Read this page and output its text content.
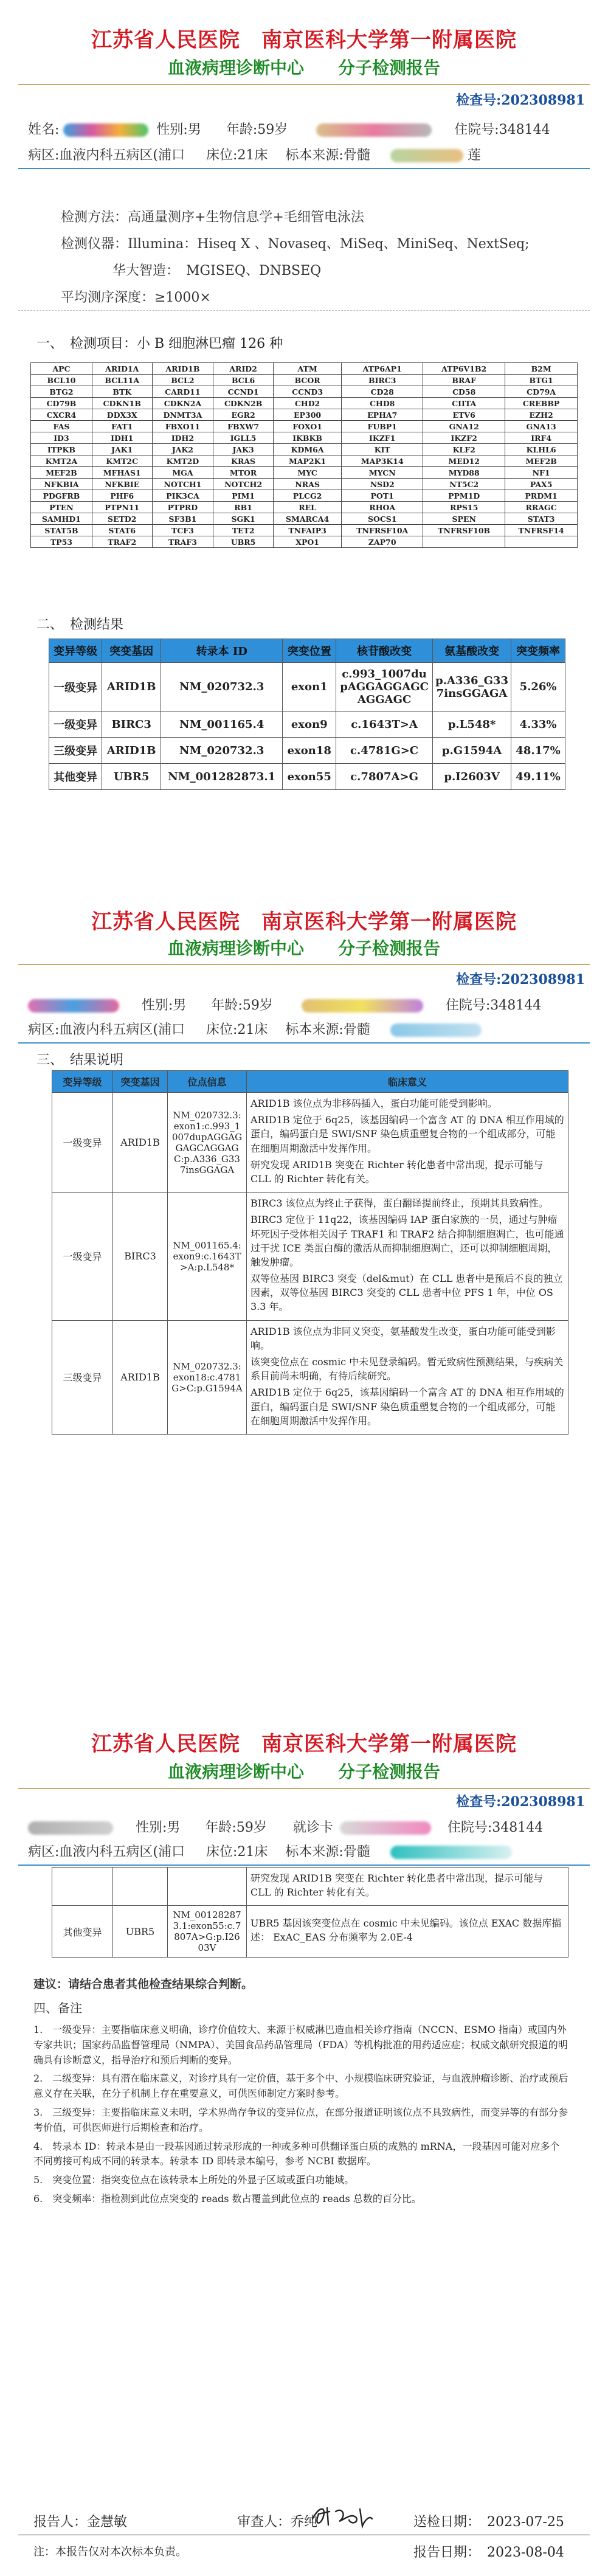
江苏省人民医院　南京医科大学第一附属医院
血液病理诊断中心　　分子检测报告
检查号:202308981
姓名:	性别:男 年龄:59岁	住院号:348144
病区:血液内科五病区(浦口 床位:21床 标本来源:骨髓	莲
检测方法：高通量测序+生物信息学+毛细管电泳法
检测仪器：Illumina：Hiseq X 、Novaseq、MiSeq、MiniSeq、NextSeq;
华大智造：　MGISEQ、DNBSEQ
平均测序深度：≥1000×
一、　检测项目：小 B 细胞淋巴瘤 126 种
APC	ARID1A	ARID1B	ARID2	ATM	ATP6AP1	ATP6V1B2	B2M
BCL10	BCL11A	BCL2	BCL6	BCOR	BIRC3	BRAF	BTG1
BTG2	BTK	CARD11	CCND1	CCND3	CD28	CD58	CD79A
CD79B	CDKN1B	CDKN2A	CDKN2B	CHD2	CHD8	CIITA	CREBBP
CXCR4	DDX3X	DNMT3A	EGR2	EP300	EPHA7	ETV6	EZH2
FAS	FAT1	FBXO11	FBXW7	FOXO1	FUBP1	GNA12	GNA13
ID3	IDH1	IDH2	IGLL5	IKBKB	IKZF1	IKZF2	IRF4
ITPKB	JAK1	JAK2	JAK3	KDM6A	KIT	KLF2	KLHL6
KMT2A	KMT2C	KMT2D	KRAS	MAP2K1	MAP3K14	MED12	MEF2B
MEF2B	MFHAS1	MGA	MTOR	MYC	MYCN	MYD88	NF1
NFKBIA	NFKBIE	NOTCH1	NOTCH2	NRAS	NSD2	NT5C2	PAX5
PDGFRB	PHF6	PIK3CA	PIM1	PLCG2	POT1	PPM1D	PRDM1
PTEN	PTPN11	PTPRD	RB1	REL	RHOA	RPS15	RRAGC
SAMHD1	SETD2	SF3B1	SGK1	SMARCA4	SOCS1	SPEN	STAT3
STAT5B	STAT6	TCF3	TET2	TNFAIP3	TNFRSF10A	TNFRSF10B	TNFRSF14
TP53	TRAF2	TRAF3	UBR5	XPO1	ZAP70		
二、　检测结果
变异等级	突变基因	转录本 ID	突变位置	核苷酸改变	氨基酸改变	突变频率
一级变异	ARID1B	NM_020732.3	exon1	c.993_1007dupAGGAGGAGCAGGAGC	p.A336_G337insGGAGA	5.26%
一级变异	BIRC3	NM_001165.4	exon9	c.1643T>A	p.L548*	4.33%
三级变异	ARID1B	NM_020732.3	exon18	c.4781G>C	p.G1594A	48.17%
其他变异	UBR5	NM_001282873.1	exon55	c.7807A>G	p.I2603V	49.11%
江苏省人民医院　南京医科大学第一附属医院
血液病理诊断中心　　分子检测报告
检查号:202308981
性别:男 年龄:59岁	住院号:348144
病区:血液内科五病区(浦口 床位:21床 标本来源:骨髓
三、　结果说明
变异等级	突变基因	位点信息	临床意义
一级变异	ARID1B	NM_020732.3:exon1:c.993_1007dupAGGAGGAGCAGGAGC:p.A336_G337insGGAGA	ARID1B 该位点为非移码插入，蛋白功能可能受到影响。

ARID1B 定位于 6q25，该基因编码一个富含 AT 的 DNA 相互作用域的蛋白，编码蛋白是 SWI/SNF 染色质重塑复合物的一个组成部分，可能在细胞周期激活中发挥作用。

研究发现 ARID1B 突变在 Richter 转化患者中常出现，提示可能与 CLL 的 Richter 转化有关。

一级变异	BIRC3	NM_001165.4:exon9:c.1643T>A:p.L548*	BIRC3 该位点为终止子获得，蛋白翻译提前终止，预期其具致病性。

BIRC3 定位于 11q22，该基因编码 IAP 蛋白家族的一员，通过与肿瘤坏死因子受体相关因子 TRAF1 和 TRAF2 结合抑制细胞凋亡，也可能通过干扰 ICE 类蛋白酶的激活从而抑制细胞凋亡，还可以抑制细胞周期，触发肿瘤。

双等位基因 BIRC3 突变（del&mut）在 CLL 患者中是预后不良的独立因素，双等位基因 BIRC3 突变的 CLL 患者中位 PFS 1 年，中位 OS 3.3 年。

三级变异	ARID1B	NM_020732.3:exon18:c.4781G>C:p.G1594A	ARID1B 该位点为非同义突变，氨基酸发生改变，蛋白功能可能受到影响。

该突变位点在 cosmic 中未见登录编码。暂无致病性预测结果，与疾病关系目前尚未明确，有待后续研究。

ARID1B 定位于 6q25，该基因编码一个富含 AT 的 DNA 相互作用域的蛋白，编码蛋白是 SWI/SNF 染色质重塑复合物的一个组成部分，可能在细胞周期激活中发挥作用。

江苏省人民医院　南京医科大学第一附属医院
血液病理诊断中心　　分子检测报告
检查号:202308981
性别:男 年龄:59岁 就诊卡	住院号:348144
病区:血液内科五病区(浦口 床位:21床 标本来源:骨髓

			研究发现 ARID1B 突变在 Richter 转化患者中常出现，提示可能与 CLL 的 Richter 转化有关。

其他变异	UBR5	NM_001282873.1:exon55:c.7807A>G:p.I2603V	UBR5 基因该突变位点在 cosmic 中未见编码。该位点 EXAC 数据库描述： ExAC_EAS 分布频率为 2.0E-4

建议：请结合患者其他检查结果综合判断。
四、备注

1.　一级变异：主要指临床意义明确，诊疗价值较大、来源于权威淋巴造血相关诊疗指南（NCCN、ESMO 指南）或国内外专家共识；国家药品监督管理局（NMPA）、美国食品药品管理局（FDA）等机构批准的用药适应症；权威文献研究报道的明确具有诊断意义，指导治疗和预后判断的变异。

2.　二级变异：具有潜在临床意义，对诊疗具有一定价值，基于多个中、小规模临床研究验证，与血液肿瘤诊断、治疗或预后意义存在关联，在分子机制上存在重要意义，可供医师制定方案时参考。

3.　三级变异：主要指临床意义未明，学术界尚存争议的变异位点，在部分报道证明该位点不具致病性，而变异等的有部分参考价值，可供医师进行后期检查和治疗。

4.　转录本 ID：转录本是由一段基因通过转录形成的一种或多种可供翻译蛋白质的成熟的 mRNA，一段基因可能对应多个不同剪接可构成不同的转录本。转录本 ID 即转录本编号，参考 NCBI 数据库。

5.　突变位置：指突变位点在该转录本上所处的外显子区域或蛋白功能域。

6.　突变频率：指检测到此位点突变的 reads 数占覆盖到此位点的 reads 总数的百分比。

报告人：金慧敏	审查人：乔纯	送检日期：　2023-07-25
注：本报告仅对本次标本负责。	报告日期：　2023-08-04
